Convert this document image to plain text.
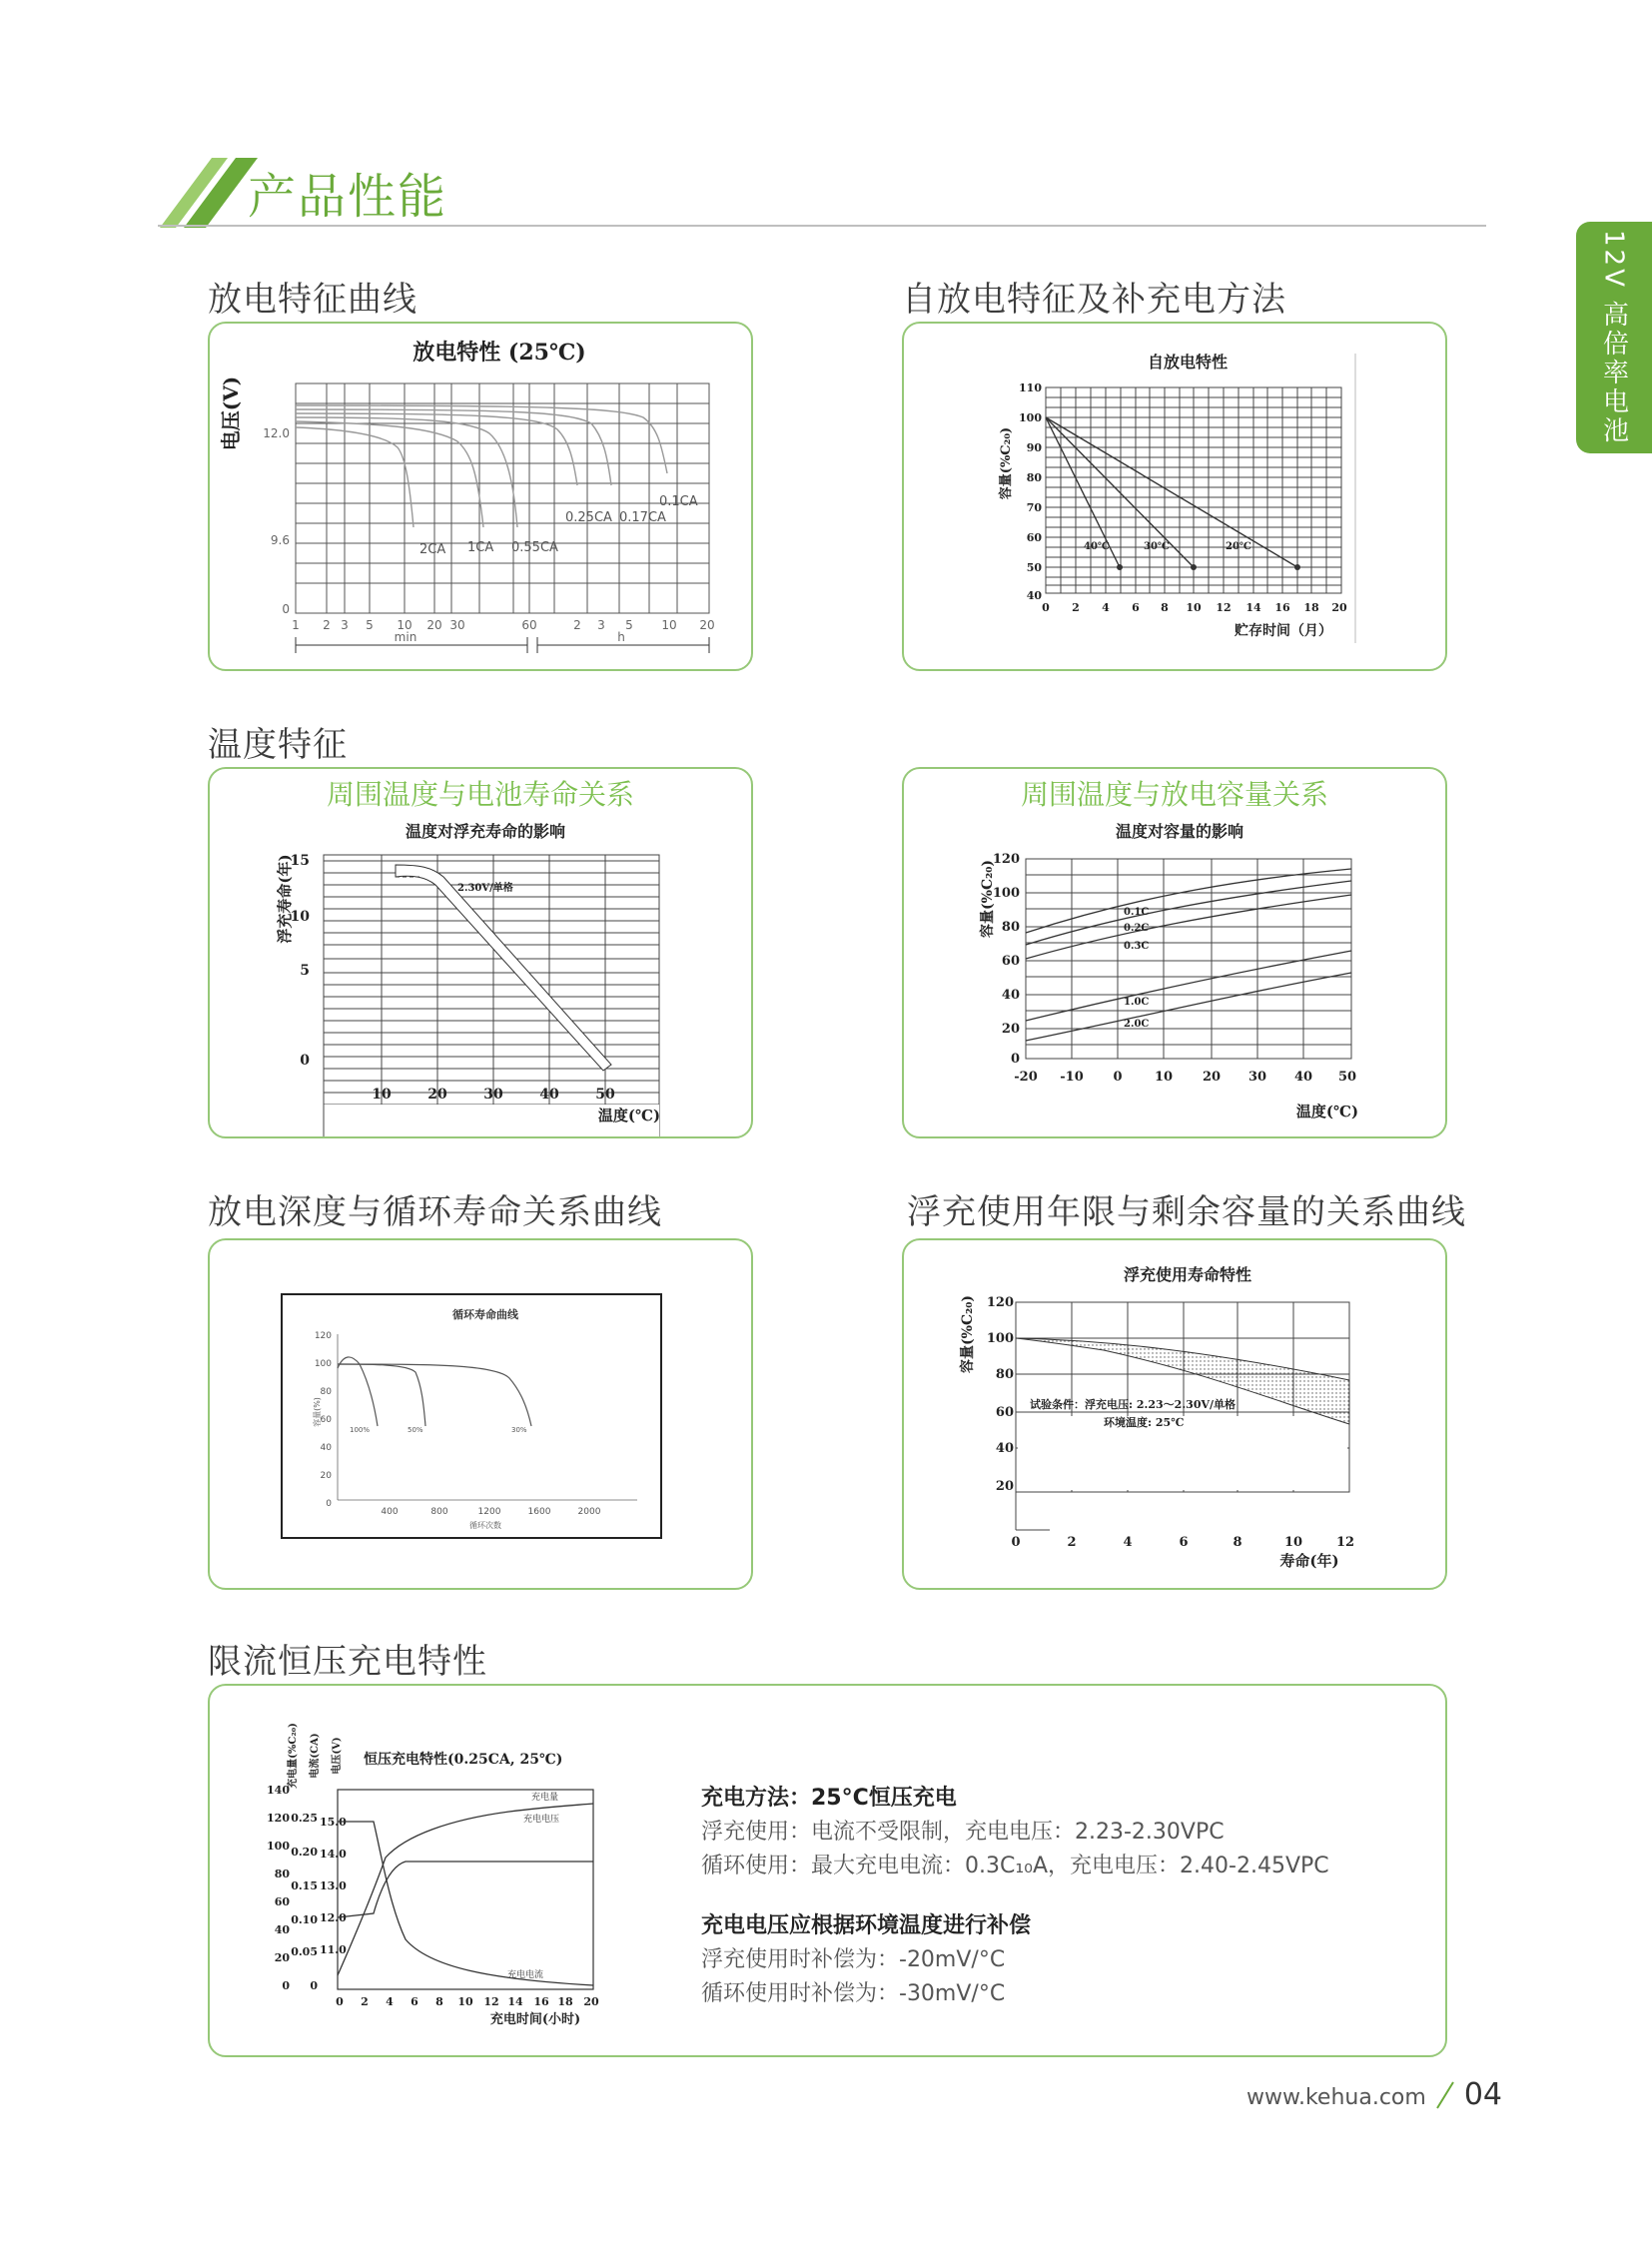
产品性能
12V 高倍率电池
放电特征曲线	自放电特征及补充电方法
温度特征
放电深度与循环寿命关系曲线	浮充使用年限与剩余容量的关系曲线
限流恒压充电特性
放电特性 (25℃)
电压(V) 12.0
9.6
0
1 2 3 5 10 20 30	60	2 3 5 10 20
min	h
2CA 1CA 0.55CA
0.25CA 0.17CA
0.1CA
自放电特性
容量(%C₂₀)
110
100
90
80
70
60
50
40
0 2 4 6 8 10 12 14 16 18 20
贮存时间（月）
40℃	30℃	20℃
周围温度与电池寿命关系
温度对浮充寿命的影响
浮充寿命(年)
15
10
5
0
10	20	30	40	50
温度(℃)
2.30V/单格
周围温度与放电容量关系
温度对容量的影响
容量(%C₂₀)
120
100
80
60
40
20
0
-20 -10 0 10 20 30 40 50
温度(℃)
0.1C
0.2C
0.3C
1.0C
2.0C
循环寿命曲线
容量(%)
120
100
80
60
40
20
0
400	800	1200	1600	2000
循环次数
100%	50%	30%
浮充使用寿命特性
容量(%C₂₀) 120
100
80
60
40
20
0	2	4	6	8	10	12
寿命(年)
试验条件：浮充电压: 2.23～2.30V/单格
环境温度: 25℃
充电量(%C₂₀) 电流(CA) 电压(V) 恒压充电特性(0.25CA, 25℃)
140
120
100
80
60
40
20
0
0.25
0.20
0.15
0.10
0.05
0
15.0
14.0
13.0
12.0
11.0
0 2 4 6 8 10 12 14 16 18 20
充电时间(小时)
充电量
充电电压
充电电流
充电方法：25°C恒压充电
浮充使用：电流不受限制，充电电压：2.23-2.30VPC
循环使用：最大充电电流：0.3C₁₀A，充电电压：2.40-2.45VPC
充电电压应根据环境温度进行补偿
浮充使用时补偿为：-20mV/°C
循环使用时补偿为：-30mV/°C
www.kehua.com 04
